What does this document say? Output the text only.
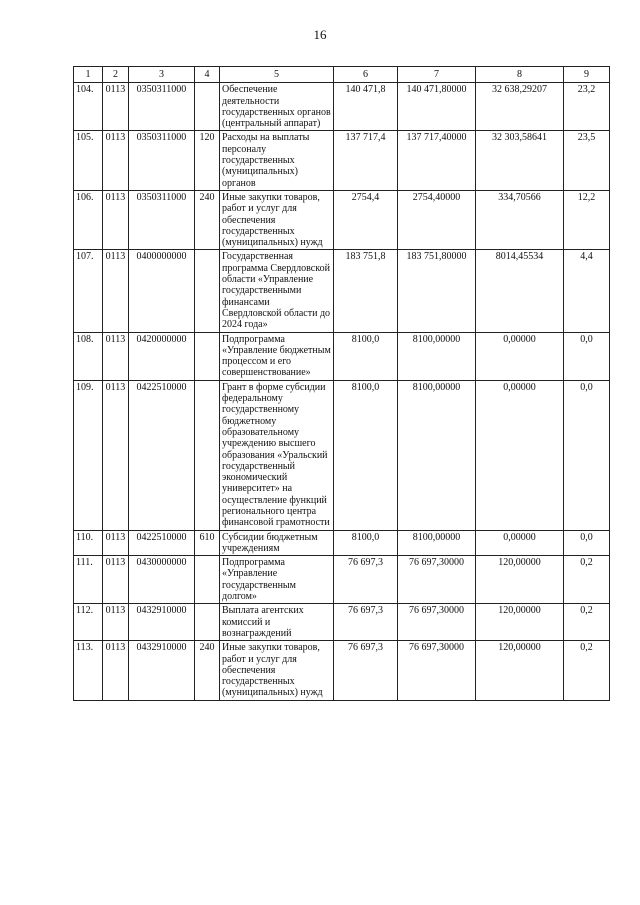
16
1	2	3	4	5	6	7	8	9
104.	0113	0350311000		Обеспечение деятельности государственных органов (центральный аппарат)	140 471,8	140 471,80000	32 638,29207	23,2
105.	0113	0350311000	120	Расходы на выплаты персоналу государственных (муниципальных) органов	137 717,4	137 717,40000	32 303,58641	23,5
106.	0113	0350311000	240	Иные закупки товаров, работ и услуг для обеспечения государственных (муниципальных) нужд	2754,4	2754,40000	334,70566	12,2
107.	0113	0400000000		Государственная программа Свердловской области «Управление государственными финансами Свердловской области до 2024 года»	183 751,8	183 751,80000	8014,45534	4,4
108.	0113	0420000000		Подпрограмма «Управление бюджетным процессом и его совершенствование»	8100,0	8100,00000	0,00000	0,0
109.	0113	0422510000		Грант в форме субсидии федеральному государственному бюджетному образовательному учреждению высшего образования «Уральский государственный экономический университет» на осуществление функций регионального центра финансовой грамотности	8100,0	8100,00000	0,00000	0,0
110.	0113	0422510000	610	Субсидии бюджетным учреждениям	8100,0	8100,00000	0,00000	0,0
111.	0113	0430000000		Подпрограмма «Управление государственным долгом»	76 697,3	76 697,30000	120,00000	0,2
112.	0113	0432910000		Выплата агентских комиссий и вознаграждений	76 697,3	76 697,30000	120,00000	0,2
113.	0113	0432910000	240	Иные закупки товаров, работ и услуг для обеспечения государственных (муниципальных) нужд	76 697,3	76 697,30000	120,00000	0,2
